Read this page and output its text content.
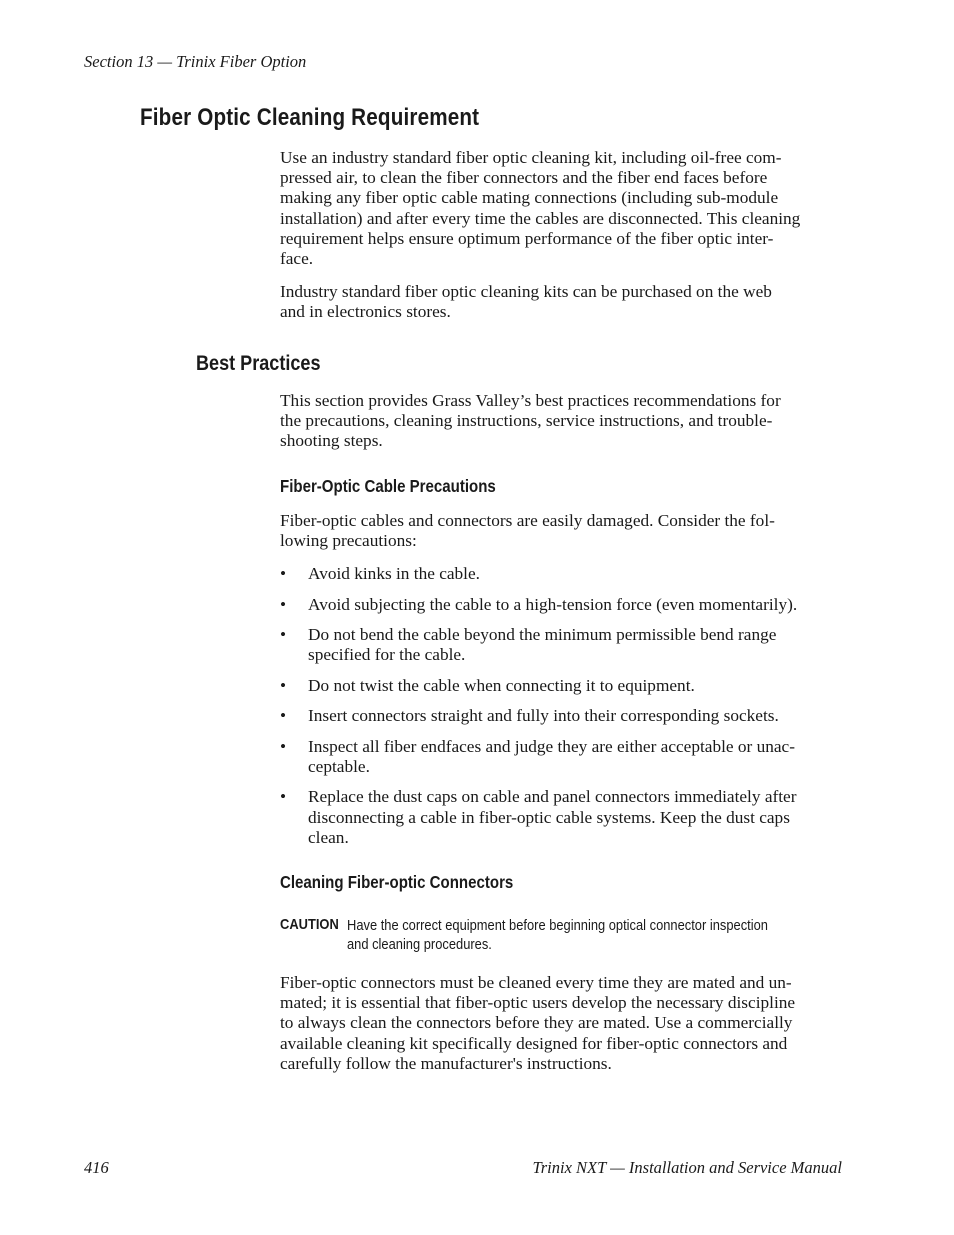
Section 13 — Trinix Fiber Option
Fiber Optic Cleaning Requirement

Use an industry standard fiber optic cleaning kit, including oil-free com-
pressed air, to clean the fiber connectors and the fiber end faces before
making any fiber optic cable mating connections (including sub-module
installation) and after every time the cables are disconnected. This cleaning
requirement helps ensure optimum performance of the fiber optic inter-
face.

Industry standard fiber optic cleaning kits can be purchased on the web
and in electronics stores.

Best Practices

This section provides Grass Valley’s best practices recommendations for
the precautions, cleaning instructions, service instructions, and trouble-
shooting steps.

Fiber-Optic Cable Precautions

Fiber-optic cables and connectors are easily damaged. Consider the fol-
lowing precautions:

• Avoid kinks in the cable.
• Avoid subjecting the cable to a high-tension force (even momentarily).
• Do not bend the cable beyond the minimum permissible bend range
specified for the cable.
• Do not twist the cable when connecting it to equipment.
• Insert connectors straight and fully into their corresponding sockets.
• Inspect all fiber endfaces and judge they are either acceptable or unac-
ceptable.
• Replace the dust caps on cable and panel connectors immediately after
disconnecting a cable in fiber-optic cable systems. Keep the dust caps
clean.
Cleaning Fiber-optic Connectors
CAUTION Have the correct equipment before beginning optical connector inspection
and cleaning procedures.

Fiber-optic connectors must be cleaned every time they are mated and un-
mated; it is essential that fiber-optic users develop the necessary discipline
to always clean the connectors before they are mated. Use a commercially
available cleaning kit specifically designed for fiber-optic connectors and
carefully follow the manufacturer's instructions.

416	Trinix NXT — Installation and Service Manual
